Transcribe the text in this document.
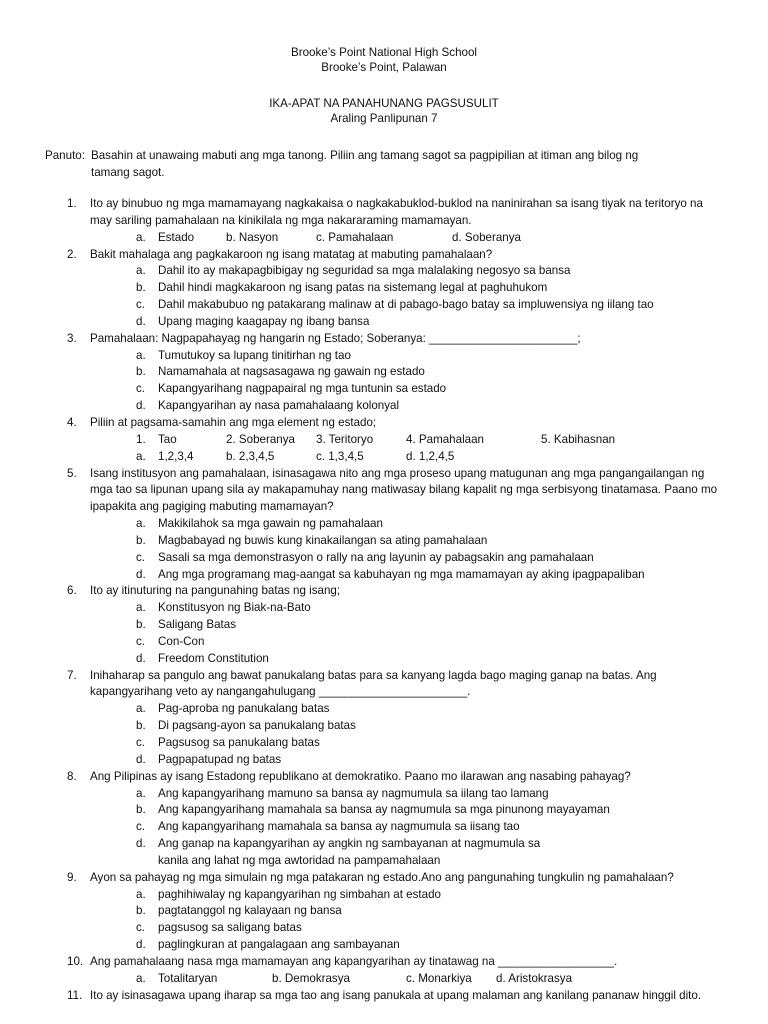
Brooke’s Point National High School
Brooke’s Point, Palawan
IKA-APAT NA PANAHUNANG PAGSUSULIT
Araling Panlipunan 7
Panuto: Basahin at unawaing mabuti ang mga tanong. Piliin ang tamang sagot sa pagpipilian at itiman ang bilog ng
tamang sagot.
1.	Ito ay binubuo ng mga mamamayang nagkakaisa o nagkakabuklod-buklod na naninirahan sa isang tiyak na teritoryo na may sariling pamahalaan na kinikilala ng mga nakararaming mamamayan.
a. Estado	b. Nasyon	c. Pamahalaan	d. Soberanya
2.	Bakit mahalaga ang pagkakaroon ng isang matatag at mabuting pamahalaan?
a. Dahil ito ay makapagbibigay ng seguridad sa mga malalaking negosyo sa bansa
b. Dahil hindi magkakaroon ng isang patas na sistemang legal at paghuhukom
c. Dahil makabubuo ng patakarang malinaw at di pabago-bago batay sa impluwensiya ng iilang tao
d. Upang maging kaagapay ng ibang bansa
3.	Pamahalaan: Nagpapahayag ng hangarin ng Estado; Soberanya: _______________________;
a. Tumutukoy sa lupang tinitirhan ng tao
b. Namamahala at nagsasagawa ng gawain ng estado
c. Kapangyarihang nagpapairal ng mga tuntunin sa estado
d. Kapangyarihan ay nasa pamahalaang kolonyal
4.	Piliin at pagsama-samahin ang mga element ng estado;
1. Tao	2. Soberanya 3. Teritoryo	4. Pamahalaan	5. Kabihasnan
a. 1,2,3,4	b. 2,3,4,5	c. 1,3,4,5	d. 1,2,4,5
5.	Isang institusyon ang pamahalaan, isinasagawa nito ang mga proseso upang matugunan ang mga pangangailangan ng mga tao sa lipunan upang sila ay makapamuhay nang matiwasay bilang kapalit ng mga serbisyong tinatamasa. Paano mo ipapakita ang pagiging mabuting mamamayan?
a. Makikilahok sa mga gawain ng pamahalaan
b. Magbabayad ng buwis kung kinakailangan sa ating pamahalaan
c. Sasali sa mga demonstrasyon o rally na ang layunin ay pabagsakin ang pamahalaan
d. Ang mga programang mag-aangat sa kabuhayan ng mga mamamayan ay aking ipagpapaliban
6.	Ito ay itinuturing na pangunahing batas ng isang;
a. Konstitusyon ng Biak-na-Bato
b. Saligang Batas
c. Con-Con
d. Freedom Constitution
7.	Inihaharap sa pangulo ang bawat panukalang batas para sa kanyang lagda bago maging ganap na batas. Ang kapangyarihang veto ay nangangahulugang _______________________.
a. Pag-aproba ng panukalang batas
b. Di pagsang-ayon sa panukalang batas
c. Pagsusog sa panukalang batas
d. Pagpapatupad ng batas
8.	Ang Pilipinas ay isang Estadong republikano at demokratiko. Paano mo ilarawan ang nasabing pahayag?
a. Ang kapangyarihang mamuno sa bansa ay nagmumula sa iilang tao lamang
b. Ang kapangyarihang mamahala sa bansa ay nagmumula sa mga pinunong mayayaman
c. Ang kapangyarihang mamahala sa bansa ay nagmumula sa iisang tao
d. Ang ganap na kapangyarihan ay angkin ng sambayanan at nagmumula sa kanila ang lahat ng mga awtoridad na pampamahalaan
9.	Ayon sa pahayag ng mga simulain ng mga patakaran ng estado.Ano ang pangunahing tungkulin ng pamahalaan?
a. paghihiwalay ng kapangyarihan ng simbahan at estado
b. pagtatanggol ng kalayaan ng bansa
c. pagsusog sa saligang batas
d. paglingkuran at pangalagaan ang sambayanan
10. Ang pamahalaang nasa mga mamamayan ang kapangyarihan ay tinatawag na __________________.
a. Totalitaryan	b. Demokrasya	c. Monarkiya d. Aristokrasya
11. Ito ay isinasagawa upang iharap sa mga tao ang isang panukala at upang malaman ang kanilang pananaw hinggil dito.
